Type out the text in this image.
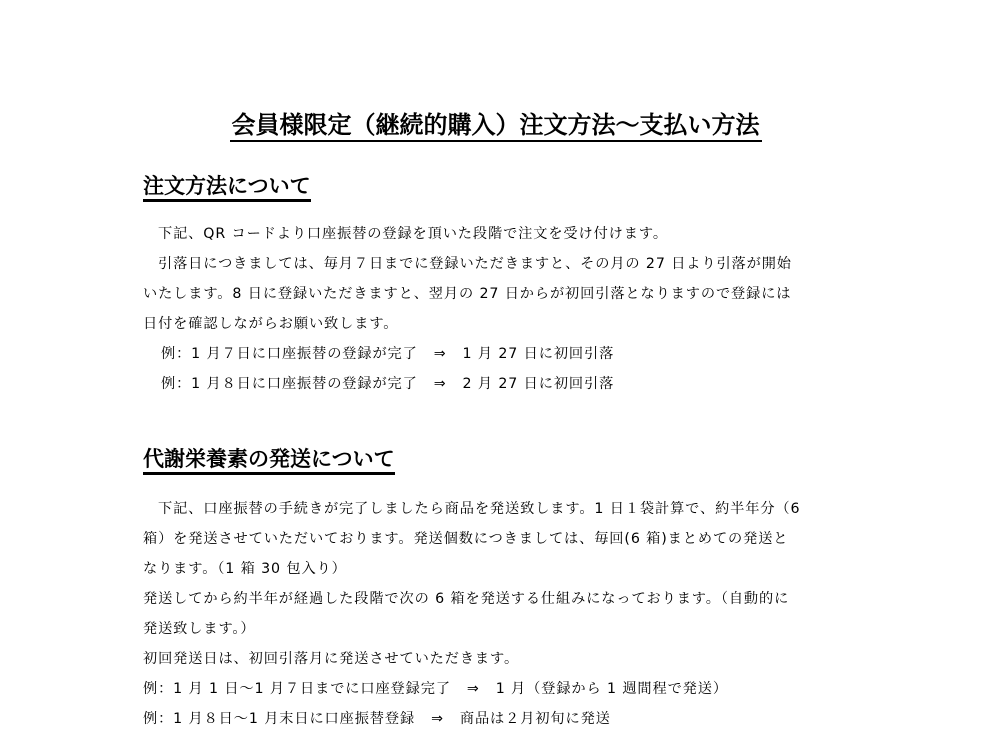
会員様限定（継続的購入）注文方法～支払い方法
注文方法について

下記、QR コードより口座振替の登録を頂いた段階で注文を受け付けます。

引落日につきましては、毎月７日までに登録いただきますと、その月の 27 日より引落が開始

いたします。8 日に登録いただきますと、翌月の 27 日からが初回引落となりますので登録には

日付を確認しながらお願い致します。

例：1 月７日に口座振替の登録が完了 ⇒ 1 月 27 日に初回引落

例：1 月８日に口座振替の登録が完了 ⇒ 2 月 27 日に初回引落

代謝栄養素の発送について

下記、口座振替の手続きが完了しましたら商品を発送致します。1 日１袋計算で、約半年分（6

箱）を発送させていただいております。発送個数につきましては、毎回(6 箱)まとめての発送と

なります。（1 箱 30 包入り）

発送してから約半年が経過した段階で次の 6 箱を発送する仕組みになっております。（自動的に

発送致します。）

初回発送日は、初回引落月に発送させていただきます。

例：1 月 1 日～1 月７日までに口座登録完了 ⇒ 1 月（登録から 1 週間程で発送）

例：1 月８日～1 月末日に口座振替登録 ⇒ 商品は２月初旬に発送
